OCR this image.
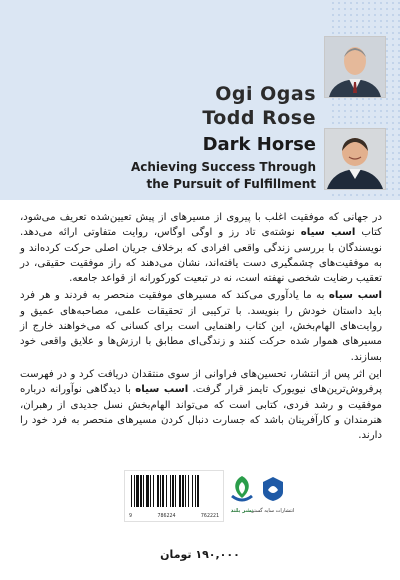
Ogi Ogas
Todd Rose
Dark Horse
Achieving Success Through
the Pursuit of Fulfillment

در جهانی که موفقیت اغلب با پیروی از مسیرهای از پیش تعیین‌شده تعریف می‌شود، کتاب اسب سیاه نوشته‌ی تاد رز و اوگی اوگاس، روایت متفاوتی ارائه می‌دهد. نویسندگان با بررسی زندگی واقعی افرادی که برخلاف جریان اصلی حرکت کرده‌اند و به موفقیت‌های چشمگیری دست یافته‌اند، نشان می‌دهند که راز موفقیت حقیقی، در تعقیب رضایت شخصی نهفته است، نه در تبعیت کورکورانه از قواعد جامعه.

اسب سیاه به ما یادآوری می‌کند که مسیرهای موفقیت منحصر به فردند و هر فرد باید داستان خودش را بنویسد. با ترکیبی از تحقیقات علمی، مصاحبه‌های عمیق و روایت‌های الهام‌بخش، این کتاب راهنمایی است برای کسانی که می‌خواهند خارج از مسیرهای هموار شده حرکت کنند و زندگی‌ای مطابق با ارزش‌ها و علایق واقعی خود بسازند.

این اثر پس از انتشار، تحسین‌های فراوانی از سوی منتقدان دریافت کرد و در فهرست پرفروش‌ترین‌های نیویورک تایمز قرار گرفت. اسب سیاه با دیدگاهی نوآورانه درباره موفقیت و رشد فردی، کتابی است که می‌تواند الهام‌بخش نسل جدیدی از رهبران، هنرمندان و کارآفرینان باشد که جسارت دنبال کردن مسیرهای منحصر به فرد خود را دارند.

9	786224	762221
نشر بلند
انتشارات سایه گستر
۱۹۰,۰۰۰ تومان
